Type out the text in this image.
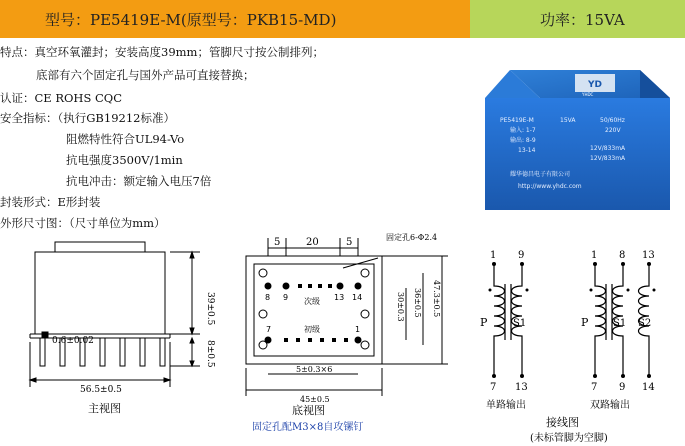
型号：PE5419E-M(原型号：PKB15-MD)	功率：15VA
特点：真空环氧灌封；安装高度39mm；管脚尺寸按公制排列；
底部有六个固定孔与国外产品可直接替换；
认证：CE ROHS CQC
安全指标：（执行GB19212标准）
阻燃特性符合UL94-Vo
抗电强度3500V/1min
抗电冲击：额定输入电压7倍
封装形式：E形封装
外形尺寸图：（尺寸单位为mm）
YD
YHDC
PE5419E-M	15VA	50/60Hz
输入: 1-7	220V
输出: 8-9
12V/833mA
13-14
12V/833mA
耀华德昌电子有限公司
http://www.yhdc.com
0.6±0.02
56.5±0.5
39±0.5
8±0.5
主视图
5	20	5	固定孔6-Φ2.4
8 9	13 14
7	1
次级
初级
30±0.3 36±0.5 47.3±0.5
5±0.3×6
45±0.5
底视图
固定孔配M3×8自攻镙钉
1 9
7 13
P	S1
单路输出
1 8 13
7 9 14
P S1 S2
双路输出
接线图
(未标管脚为空脚)
